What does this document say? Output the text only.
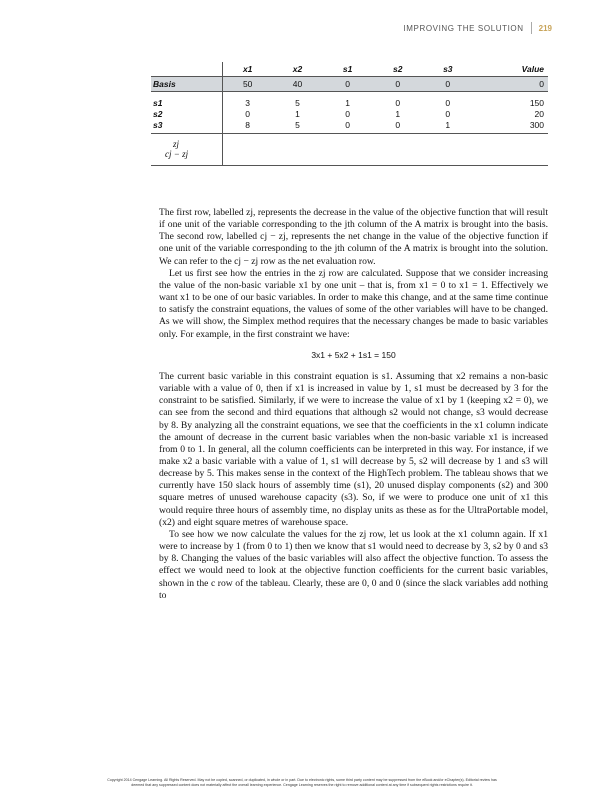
IMPROVING THE SOLUTION 219
	x1	x2	s1	s2	s3	Value
Basis	50	40	0	0	0	0

s1	3	5	1	0	0	150
s2	0	1	0	1	0	20
s3	8	5	0	0	1	300

zj						
cj − zj						

The first row, labelled zj, represents the decrease in the value of the objective function that will result if one unit of the variable corresponding to the jth column of the A matrix is brought into the basis. The second row, labelled cj − zj, represents the net change in the value of the objective function if one unit of the variable corresponding to the jth column of the A matrix is brought into the solution. We can refer to the cj − zj row as the net evaluation row.

Let us first see how the entries in the zj row are calculated. Suppose that we consider increasing the value of the non-basic variable x1 by one unit – that is, from x1 = 0 to x1 = 1. Effectively we want x1 to be one of our basic variables. In order to make this change, and at the same time continue to satisfy the constraint equations, the values of some of the other variables will have to be changed. As we will show, the Simplex method requires that the necessary changes be made to basic variables only. For example, in the first constraint we have:

3x1 + 5x2 + 1s1 = 150

The current basic variable in this constraint equation is s1. Assuming that x2 remains a non-basic variable with a value of 0, then if x1 is increased in value by 1, s1 must be decreased by 3 for the constraint to be satisfied. Similarly, if we were to increase the value of x1 by 1 (keeping x2 = 0), we can see from the second and third equations that although s2 would not change, s3 would decrease by 8. By analyzing all the constraint equations, we see that the coefficients in the x1 column indicate the amount of decrease in the current basic variables when the non-basic variable x1 is increased from 0 to 1. In general, all the column coefficients can be interpreted in this way. For instance, if we make x2 a basic variable with a value of 1, s1 will decrease by 5, s2 will decrease by 1 and s3 will decrease by 5. This makes sense in the context of the HighTech problem. The tableau shows that we currently have 150 slack hours of assembly time (s1), 20 unused display components (s2) and 300 square metres of unused warehouse capacity (s3). So, if we were to produce one unit of x1 this would require three hours of assembly time, no display units as these as for the UltraPortable model, (x2) and eight square metres of warehouse space.

To see how we now calculate the values for the zj row, let us look at the x1 column again. If x1 were to increase by 1 (from 0 to 1) then we know that s1 would need to decrease by 3, s2 by 0 and s3 by 8. Changing the values of the basic variables will also affect the objective function. To assess the effect we would need to look at the objective function coefficients for the current basic variables, shown in the c row of the tableau. Clearly, these are 0, 0 and 0 (since the slack variables add nothing to

Copyright 2014 Cengage Learning. All Rights Reserved. May not be copied, scanned, or duplicated, in whole or in part. Due to electronic rights, some third party content may be suppressed from the eBook and/or eChapter(s). Editorial review has
deemed that any suppressed content does not materially affect the overall learning experience. Cengage Learning reserves the right to remove additional content at any time if subsequent rights restrictions require it.
